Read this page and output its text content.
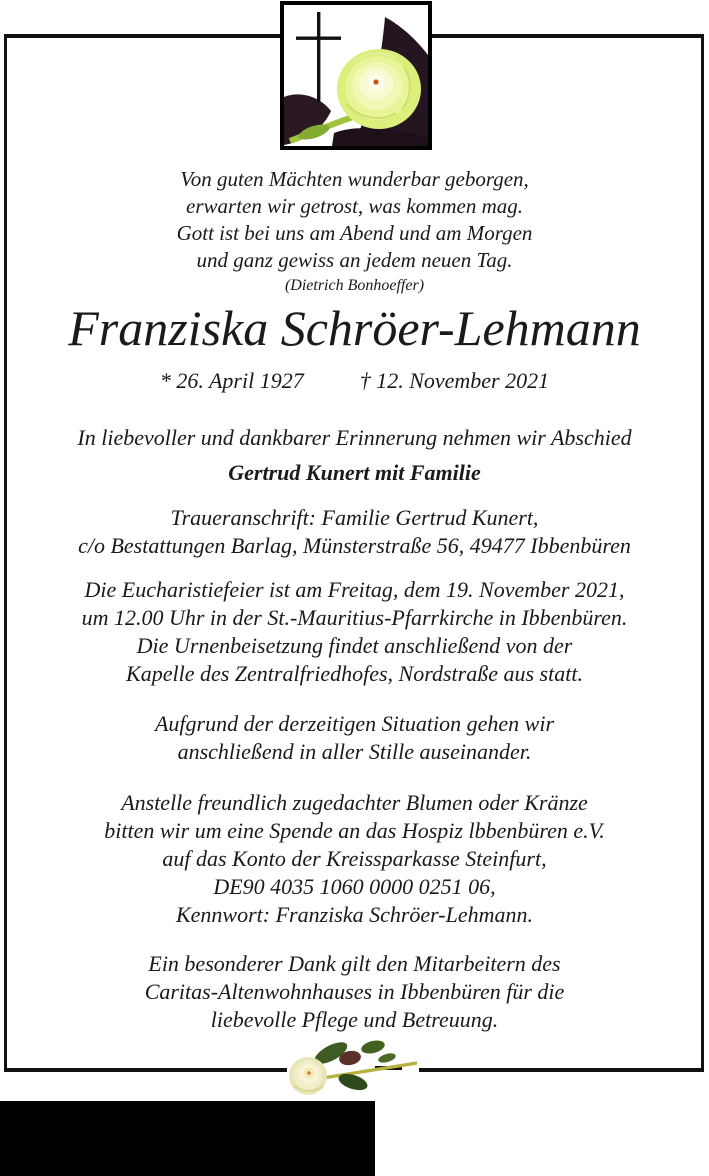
Von guten Mächten wunderbar geborgen,
erwarten wir getrost, was kommen mag.
Gott ist bei uns am Abend und am Morgen
und ganz gewiss an jedem neuen Tag.
(Dietrich Bonhoeffer)
Franziska Schröer-Lehmann
* 26. April 1927	† 12. November 2021
In liebevoller und dankbarer Erinnerung nehmen wir Abschied
Gertrud Kunert mit Familie
Traueranschrift: Familie Gertrud Kunert,
c/o Bestattungen Barlag, Münsterstraße 56, 49477 Ibbenbüren
Die Eucharistiefeier ist am Freitag, dem 19. November 2021,
um 12.00 Uhr in der St.-Mauritius-Pfarrkirche in Ibbenbüren.
Die Urnenbeisetzung findet anschließend von der
Kapelle des Zentralfriedhofes, Nordstraße aus statt.
Aufgrund der derzeitigen Situation gehen wir
anschließend in aller Stille auseinander.
Anstelle freundlich zugedachter Blumen oder Kränze
bitten wir um eine Spende an das Hospiz lbbenbüren e.V.
auf das Konto der Kreissparkasse Steinfurt,
DE90 4035 1060 0000 0251 06,
Kennwort: Franziska Schröer-Lehmann.
Ein besonderer Dank gilt den Mitarbeitern des
Caritas-Altenwohnhauses in Ibbenbüren für die
liebevolle Pflege und Betreuung.
